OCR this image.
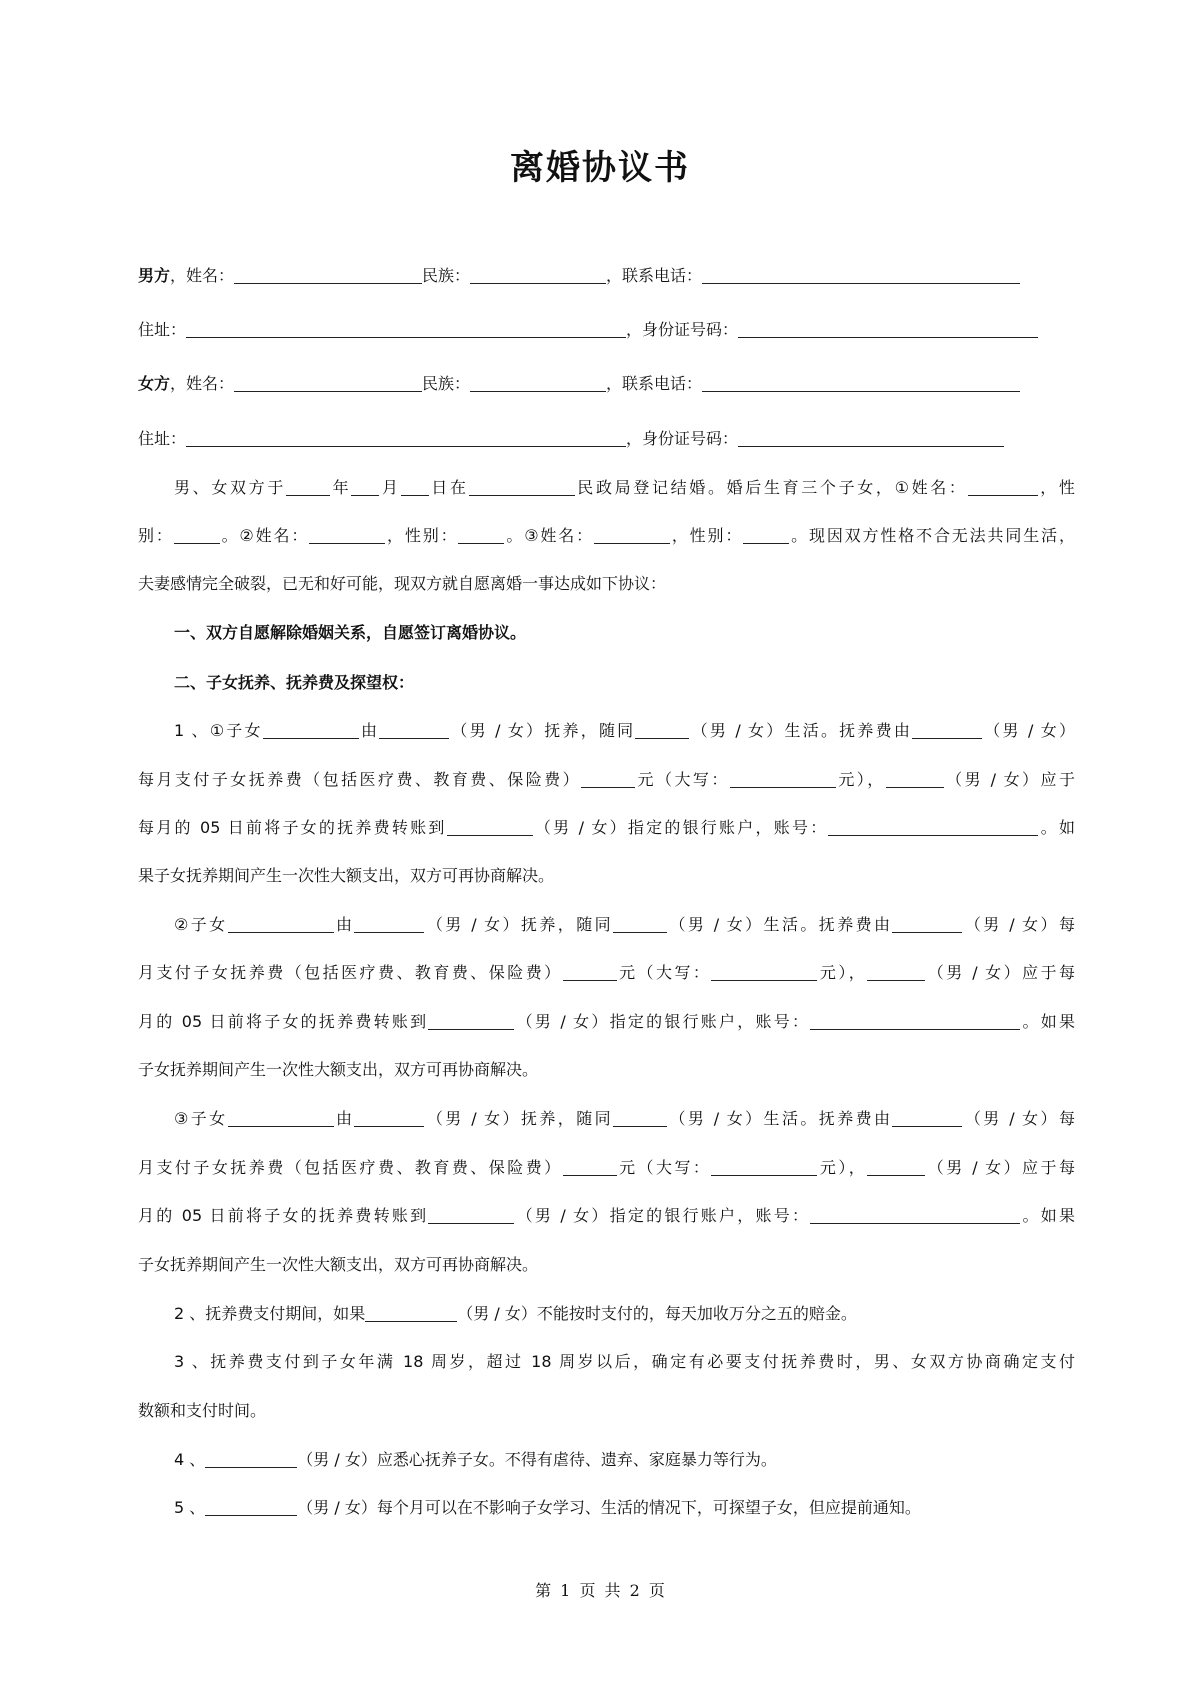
离婚协议书
男方，姓名：	民族：	，联系电话：
住址：	，身份证号码：
女方，姓名：	民族：	，联系电话：
住址：	，身份证号码：
男、女双方于	年 月 日在	民政局登记结婚。婚后生育三个子女，①姓名：	，性
别：	。②姓名：	，性别：	。③姓名：	，性别：	。现因双方性格不合无法共同生活，
夫妻感情完全破裂，已无和好可能，现双方就自愿离婚一事达成如下协议：
一、双方自愿解除婚姻关系，自愿签订离婚协议。
二、子女抚养、抚养费及探望权：
1 、①子女	由	（男 / 女）抚养，随同	（男 / 女）生活。抚养费由	（男 / 女）
每月支付子女抚养费（包括医疗费、教育费、保险费）	元（大写：	元），	（男 / 女）应于
每月的 05 日前将子女的抚养费转账到	（男 / 女）指定的银行账户，账号：	。如
果子女抚养期间产生一次性大额支出，双方可再协商解决。
②子女	由	（男 / 女）抚养，随同	（男 / 女）生活。抚养费由	（男 / 女）每
月支付子女抚养费（包括医疗费、教育费、保险费）	元（大写：	元），	（男 / 女）应于每
月的 05 日前将子女的抚养费转账到	（男 / 女）指定的银行账户，账号：	。如果
子女抚养期间产生一次性大额支出，双方可再协商解决。
③子女	由	（男 / 女）抚养，随同	（男 / 女）生活。抚养费由	（男 / 女）每
月支付子女抚养费（包括医疗费、教育费、保险费）	元（大写：	元），	（男 / 女）应于每
月的 05 日前将子女的抚养费转账到	（男 / 女）指定的银行账户，账号：	。如果
子女抚养期间产生一次性大额支出，双方可再协商解决。
2 、抚养费支付期间，如果	（男 / 女）不能按时支付的，每天加收万分之五的赔金。
3 、抚养费支付到子女年满 18 周岁，超过 18 周岁以后，确定有必要支付抚养费时，男、女双方协商确定支付
数额和支付时间。
4 、	（男 / 女）应悉心抚养子女。不得有虐待、遗弃、家庭暴力等行为。
5 、	（男 / 女）每个月可以在不影响子女学习、生活的情况下，可探望子女，但应提前通知。
第 1 页 共 2 页
